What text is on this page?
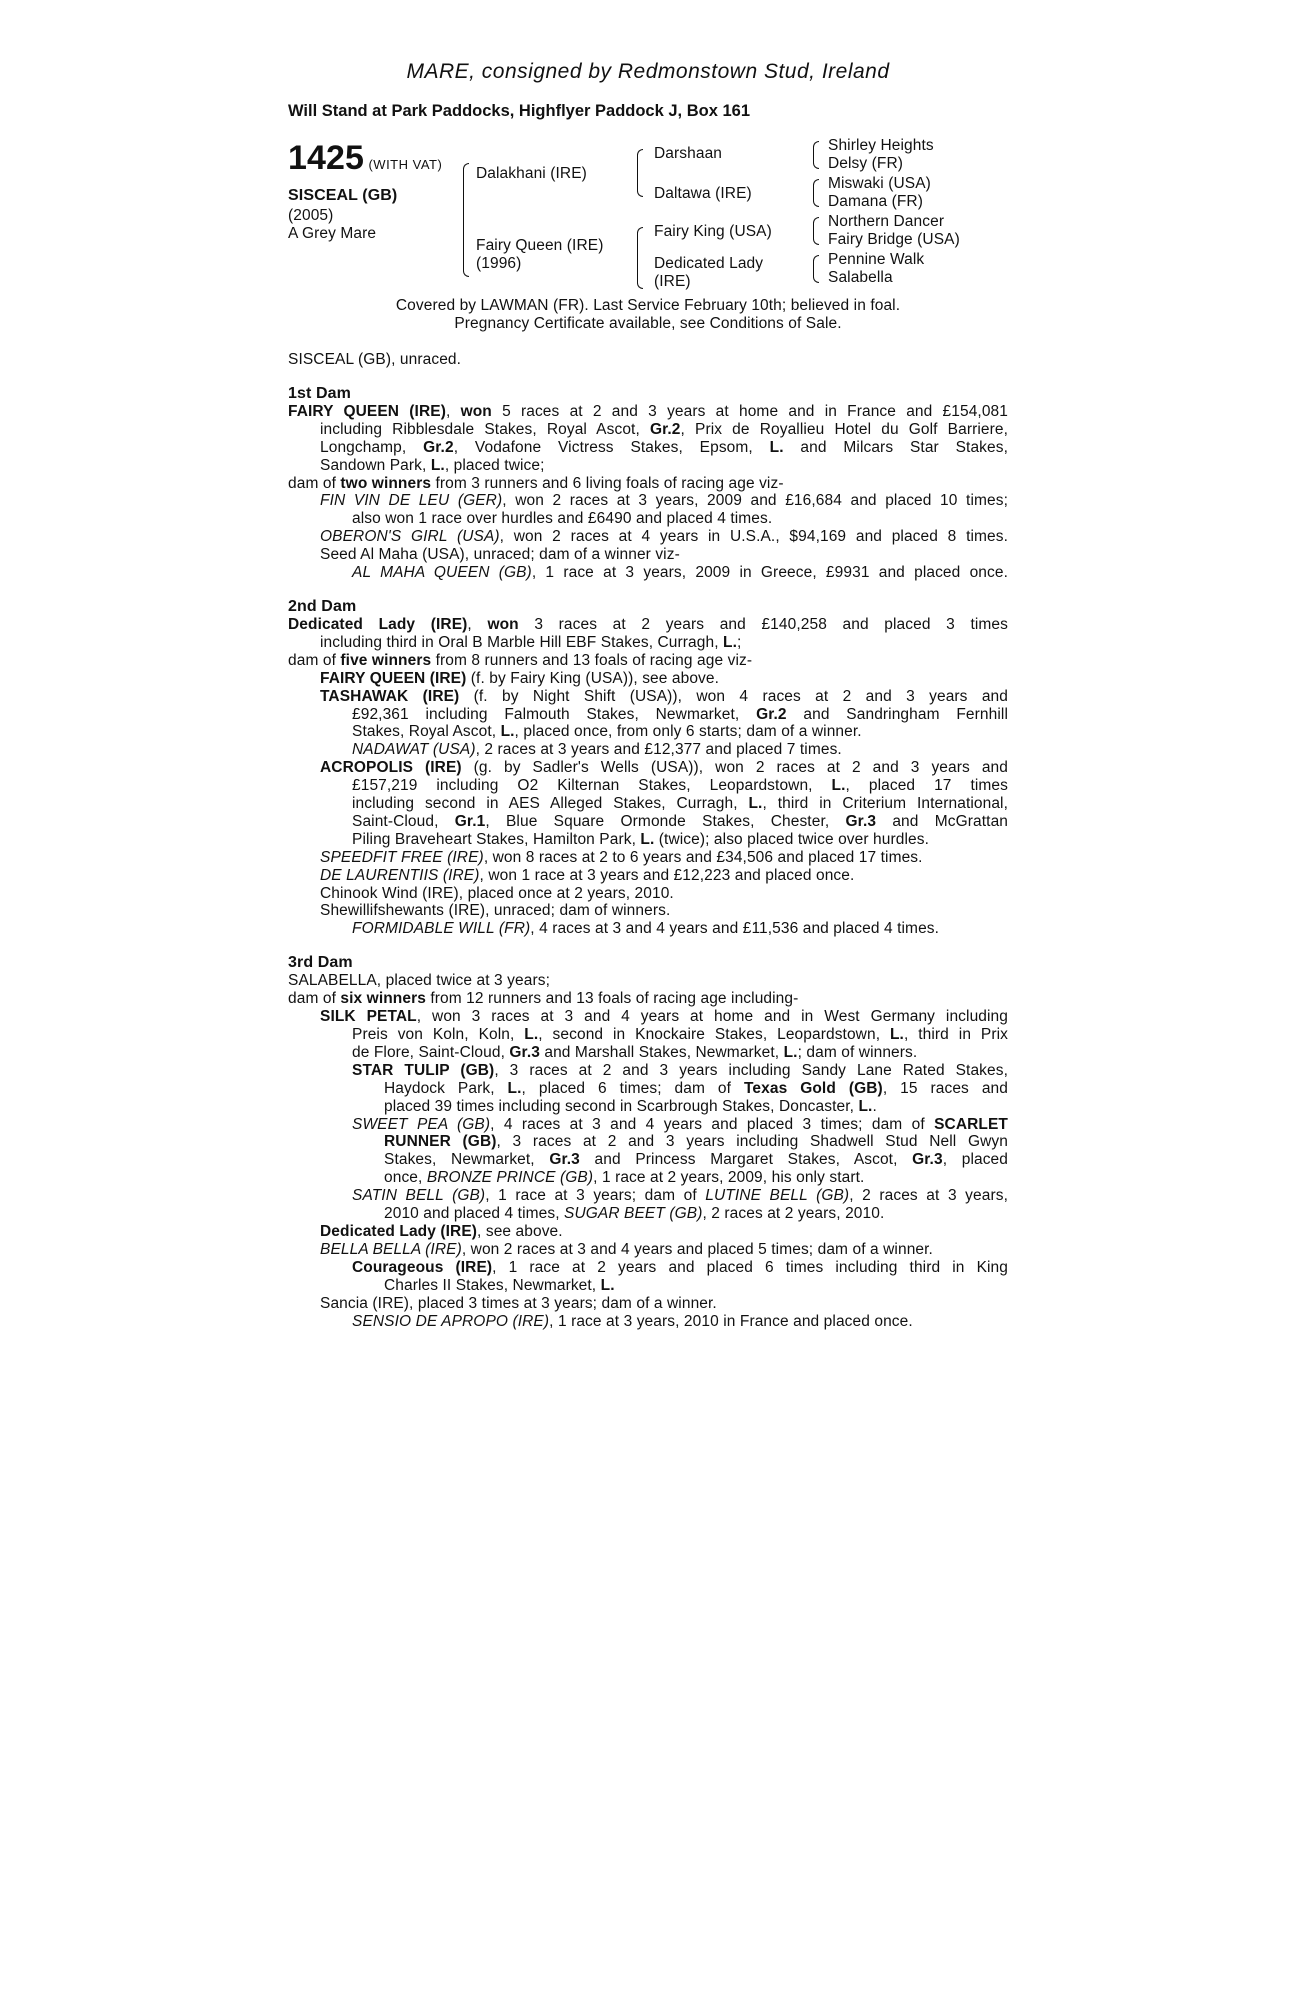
MARE, consigned by Redmonstown Stud, Ireland
Will Stand at Park Paddocks, Highflyer Paddock J, Box 161
1425 (WITH VAT)
SISCEAL (GB)
(2005)
A Grey Mare
Dalakhani (IRE)
Fairy Queen (IRE)
(1996)
Darshaan
Daltawa (IRE)
Fairy King (USA)
Dedicated Lady
(IRE)
Shirley Heights
Delsy (FR)
Miswaki (USA)
Damana (FR)
Northern Dancer
Fairy Bridge (USA)
Pennine Walk
Salabella
Covered by LAWMAN (FR). Last Service February 10th; believed in foal.
Pregnancy Certificate available, see Conditions of Sale.
SISCEAL (GB), unraced.
1st Dam
FAIRY QUEEN (IRE), won 5 races at 2 and 3 years at home and in France and £154,081
including Ribblesdale Stakes, Royal Ascot, Gr.2, Prix de Royallieu Hotel du Golf Barriere,
Longchamp, Gr.2, Vodafone Victress Stakes, Epsom, L. and Milcars Star Stakes,
Sandown Park, L., placed twice;
dam of two winners from 3 runners and 6 living foals of racing age viz-
FIN VIN DE LEU (GER), won 2 races at 3 years, 2009 and £16,684 and placed 10 times;
also won 1 race over hurdles and £6490 and placed 4 times.
OBERON'S GIRL (USA), won 2 races at 4 years in U.S.A., $94,169 and placed 8 times.
Seed Al Maha (USA), unraced; dam of a winner viz-
AL MAHA QUEEN (GB), 1 race at 3 years, 2009 in Greece, £9931 and placed once.
2nd Dam
Dedicated Lady (IRE), won 3 races at 2 years and £140,258 and placed 3 times
including third in Oral B Marble Hill EBF Stakes, Curragh, L.;
dam of five winners from 8 runners and 13 foals of racing age viz-
FAIRY QUEEN (IRE) (f. by Fairy King (USA)), see above.
TASHAWAK (IRE) (f. by Night Shift (USA)), won 4 races at 2 and 3 years and
£92,361 including Falmouth Stakes, Newmarket, Gr.2 and Sandringham Fernhill
Stakes, Royal Ascot, L., placed once, from only 6 starts; dam of a winner.
NADAWAT (USA), 2 races at 3 years and £12,377 and placed 7 times.
ACROPOLIS (IRE) (g. by Sadler's Wells (USA)), won 2 races at 2 and 3 years and
£157,219 including O2 Kilternan Stakes, Leopardstown, L., placed 17 times
including second in AES Alleged Stakes, Curragh, L., third in Criterium International,
Saint-Cloud, Gr.1, Blue Square Ormonde Stakes, Chester, Gr.3 and McGrattan
Piling Braveheart Stakes, Hamilton Park, L. (twice); also placed twice over hurdles.
SPEEDFIT FREE (IRE), won 8 races at 2 to 6 years and £34,506 and placed 17 times.
DE LAURENTIIS (IRE), won 1 race at 3 years and £12,223 and placed once.
Chinook Wind (IRE), placed once at 2 years, 2010.
Shewillifshewants (IRE), unraced; dam of winners.
FORMIDABLE WILL (FR), 4 races at 3 and 4 years and £11,536 and placed 4 times.
3rd Dam
SALABELLA, placed twice at 3 years;
dam of six winners from 12 runners and 13 foals of racing age including-
SILK PETAL, won 3 races at 3 and 4 years at home and in West Germany including
Preis von Koln, Koln, L., second in Knockaire Stakes, Leopardstown, L., third in Prix
de Flore, Saint-Cloud, Gr.3 and Marshall Stakes, Newmarket, L.; dam of winners.
STAR TULIP (GB), 3 races at 2 and 3 years including Sandy Lane Rated Stakes,
Haydock Park, L., placed 6 times; dam of Texas Gold (GB), 15 races and
placed 39 times including second in Scarbrough Stakes, Doncaster, L..
SWEET PEA (GB), 4 races at 3 and 4 years and placed 3 times; dam of SCARLET
RUNNER (GB), 3 races at 2 and 3 years including Shadwell Stud Nell Gwyn
Stakes, Newmarket, Gr.3 and Princess Margaret Stakes, Ascot, Gr.3, placed
once, BRONZE PRINCE (GB), 1 race at 2 years, 2009, his only start.
SATIN BELL (GB), 1 race at 3 years; dam of LUTINE BELL (GB), 2 races at 3 years,
2010 and placed 4 times, SUGAR BEET (GB), 2 races at 2 years, 2010.
Dedicated Lady (IRE), see above.
BELLA BELLA (IRE), won 2 races at 3 and 4 years and placed 5 times; dam of a winner.
Courageous (IRE), 1 race at 2 years and placed 6 times including third in King
Charles II Stakes, Newmarket, L.
Sancia (IRE), placed 3 times at 3 years; dam of a winner.
SENSIO DE APROPO (IRE), 1 race at 3 years, 2010 in France and placed once.
